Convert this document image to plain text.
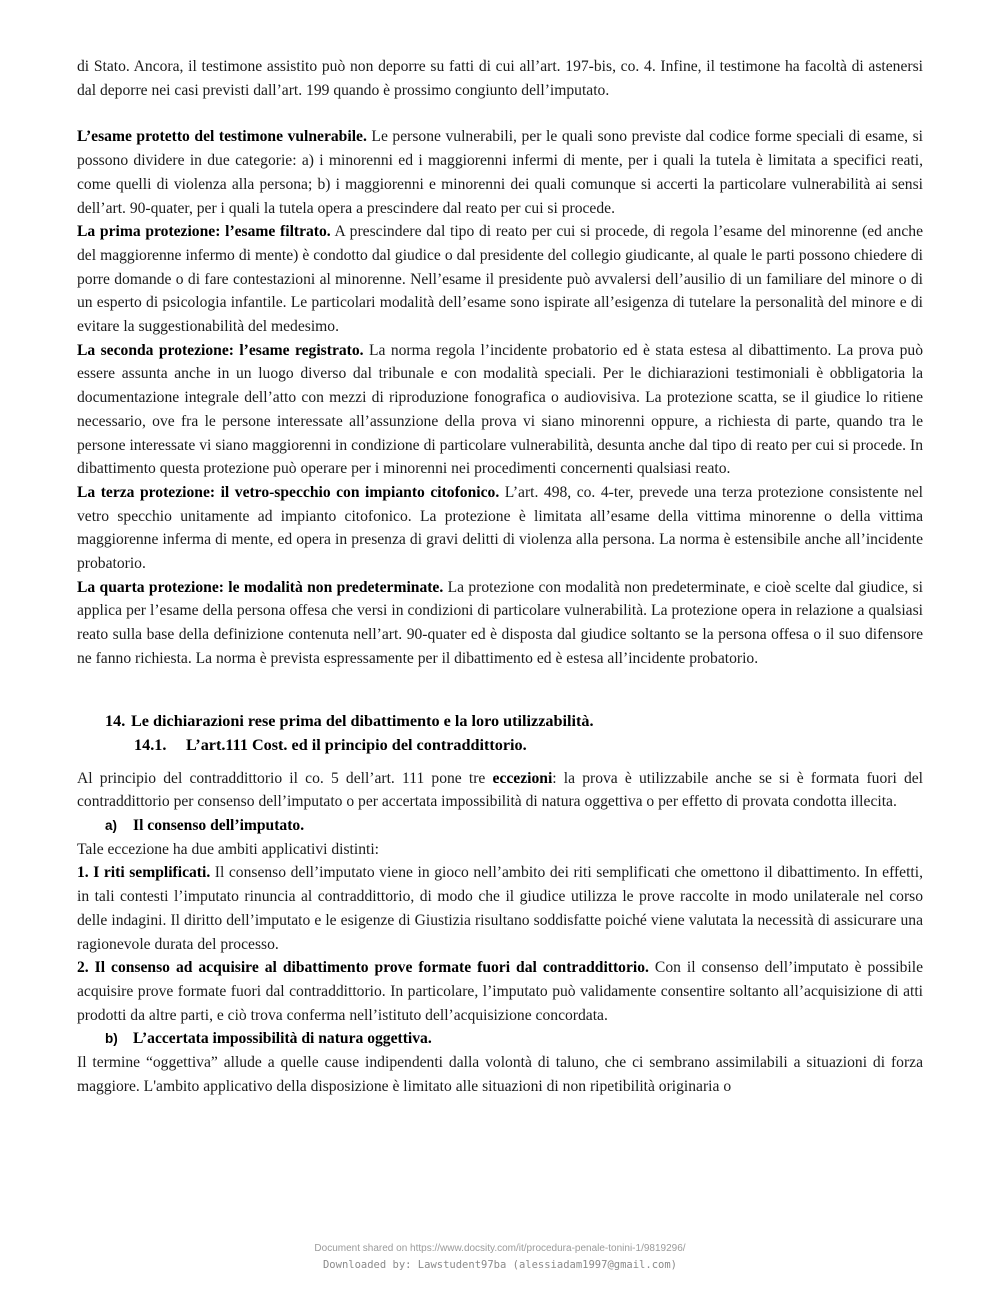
di Stato. Ancora, il testimone assistito può non deporre su fatti di cui all’art. 197-bis, co. 4. Infine, il testimone ha facoltà di astenersi dal deporre nei casi previsti dall’art. 199 quando è prossimo congiunto dell’imputato.

L’esame protetto del testimone vulnerabile. Le persone vulnerabili, per le quali sono previste dal codice forme speciali di esame, si possono dividere in due categorie: a) i minorenni ed i maggiorenni infermi di mente, per i quali la tutela è limitata a specifici reati, come quelli di violenza alla persona; b) i maggiorenni e minorenni dei quali comunque si accerti la particolare vulnerabilità ai sensi dell’art. 90-quater, per i quali la tutela opera a prescindere dal reato per cui si procede.

La prima protezione: l’esame filtrato. A prescindere dal tipo di reato per cui si procede, di regola l’esame del minorenne (ed anche del maggiorenne infermo di mente) è condotto dal giudice o dal presidente del collegio giudicante, al quale le parti possono chiedere di porre domande o di fare contestazioni al minorenne. Nell’esame il presidente può avvalersi dell’ausilio di un familiare del minore o di un esperto di psicologia infantile. Le particolari modalità dell’esame sono ispirate all’esigenza di tutelare la personalità del minore e di evitare la suggestionabilità del medesimo.

La seconda protezione: l’esame registrato. La norma regola l’incidente probatorio ed è stata estesa al dibattimento. La prova può essere assunta anche in un luogo diverso dal tribunale e con modalità speciali. Per le dichiarazioni testimoniali è obbligatoria la documentazione integrale dell’atto con mezzi di riproduzione fonografica o audiovisiva. La protezione scatta, se il giudice lo ritiene necessario, ove fra le persone interessate all’assunzione della prova vi siano minorenni oppure, a richiesta di parte, quando tra le persone interessate vi siano maggiorenni in condizione di particolare vulnerabilità, desunta anche dal tipo di reato per cui si procede. In dibattimento questa protezione può operare per i minorenni nei procedimenti concernenti qualsiasi reato.

La terza protezione: il vetro-specchio con impianto citofonico. L’art. 498, co. 4-ter, prevede una terza protezione consistente nel vetro specchio unitamente ad impianto citofonico. La protezione è limitata all’esame della vittima minorenne o della vittima maggiorenne inferma di mente, ed opera in presenza di gravi delitti di violenza alla persona. La norma è estensibile anche all’incidente probatorio.

La quarta protezione: le modalità non predeterminate. La protezione con modalità non predeterminate, e cioè scelte dal giudice, si applica per l’esame della persona offesa che versi in condizioni di particolare vulnerabilità. La protezione opera in relazione a qualsiasi reato sulla base della definizione contenuta nell’art. 90-quater ed è disposta dal giudice soltanto se la persona offesa o il suo difensore ne fanno richiesta. La norma è prevista espressamente per il dibattimento ed è estesa all’incidente probatorio.

14. Le dichiarazioni rese prima del dibattimento e la loro utilizzabilità.
14.1. L’art.111 Cost. ed il principio del contraddittorio.

Al principio del contraddittorio il co. 5 dell’art. 111 pone tre eccezioni: la prova è utilizzabile anche se si è formata fuori del contraddittorio per consenso dell’imputato o per accertata impossibilità di natura oggettiva o per effetto di provata condotta illecita.

a) Il consenso dell’imputato.

Tale eccezione ha due ambiti applicativi distinti:

1. I riti semplificati. Il consenso dell’imputato viene in gioco nell’ambito dei riti semplificati che omettono il dibattimento. In effetti, in tali contesti l’imputato rinuncia al contraddittorio, di modo che il giudice utilizza le prove raccolte in modo unilaterale nel corso delle indagini. Il diritto dell’imputato e le esigenze di Giustizia risultano soddisfatte poiché viene valutata la necessità di assicurare una ragionevole durata del processo.

2. Il consenso ad acquisire al dibattimento prove formate fuori dal contraddittorio. Con il consenso dell’imputato è possibile acquisire prove formate fuori dal contraddittorio. In particolare, l’imputato può validamente consentire soltanto all’acquisizione di atti prodotti da altre parti, e ciò trova conferma nell’istituto dell’acquisizione concordata.

b) L’accertata impossibilità di natura oggettiva.

Il termine “oggettiva” allude a quelle cause indipendenti dalla volontà di taluno, che ci sembrano assimilabili a situazioni di forza maggiore. L'ambito applicativo della disposizione è limitato alle situazioni di non ripetibilità originaria o

Document shared on https://www.docsity.com/it/procedura-penale-tonini-1/9819296/
Downloaded by: Lawstudent97ba (alessiadam1997@gmail.com)
